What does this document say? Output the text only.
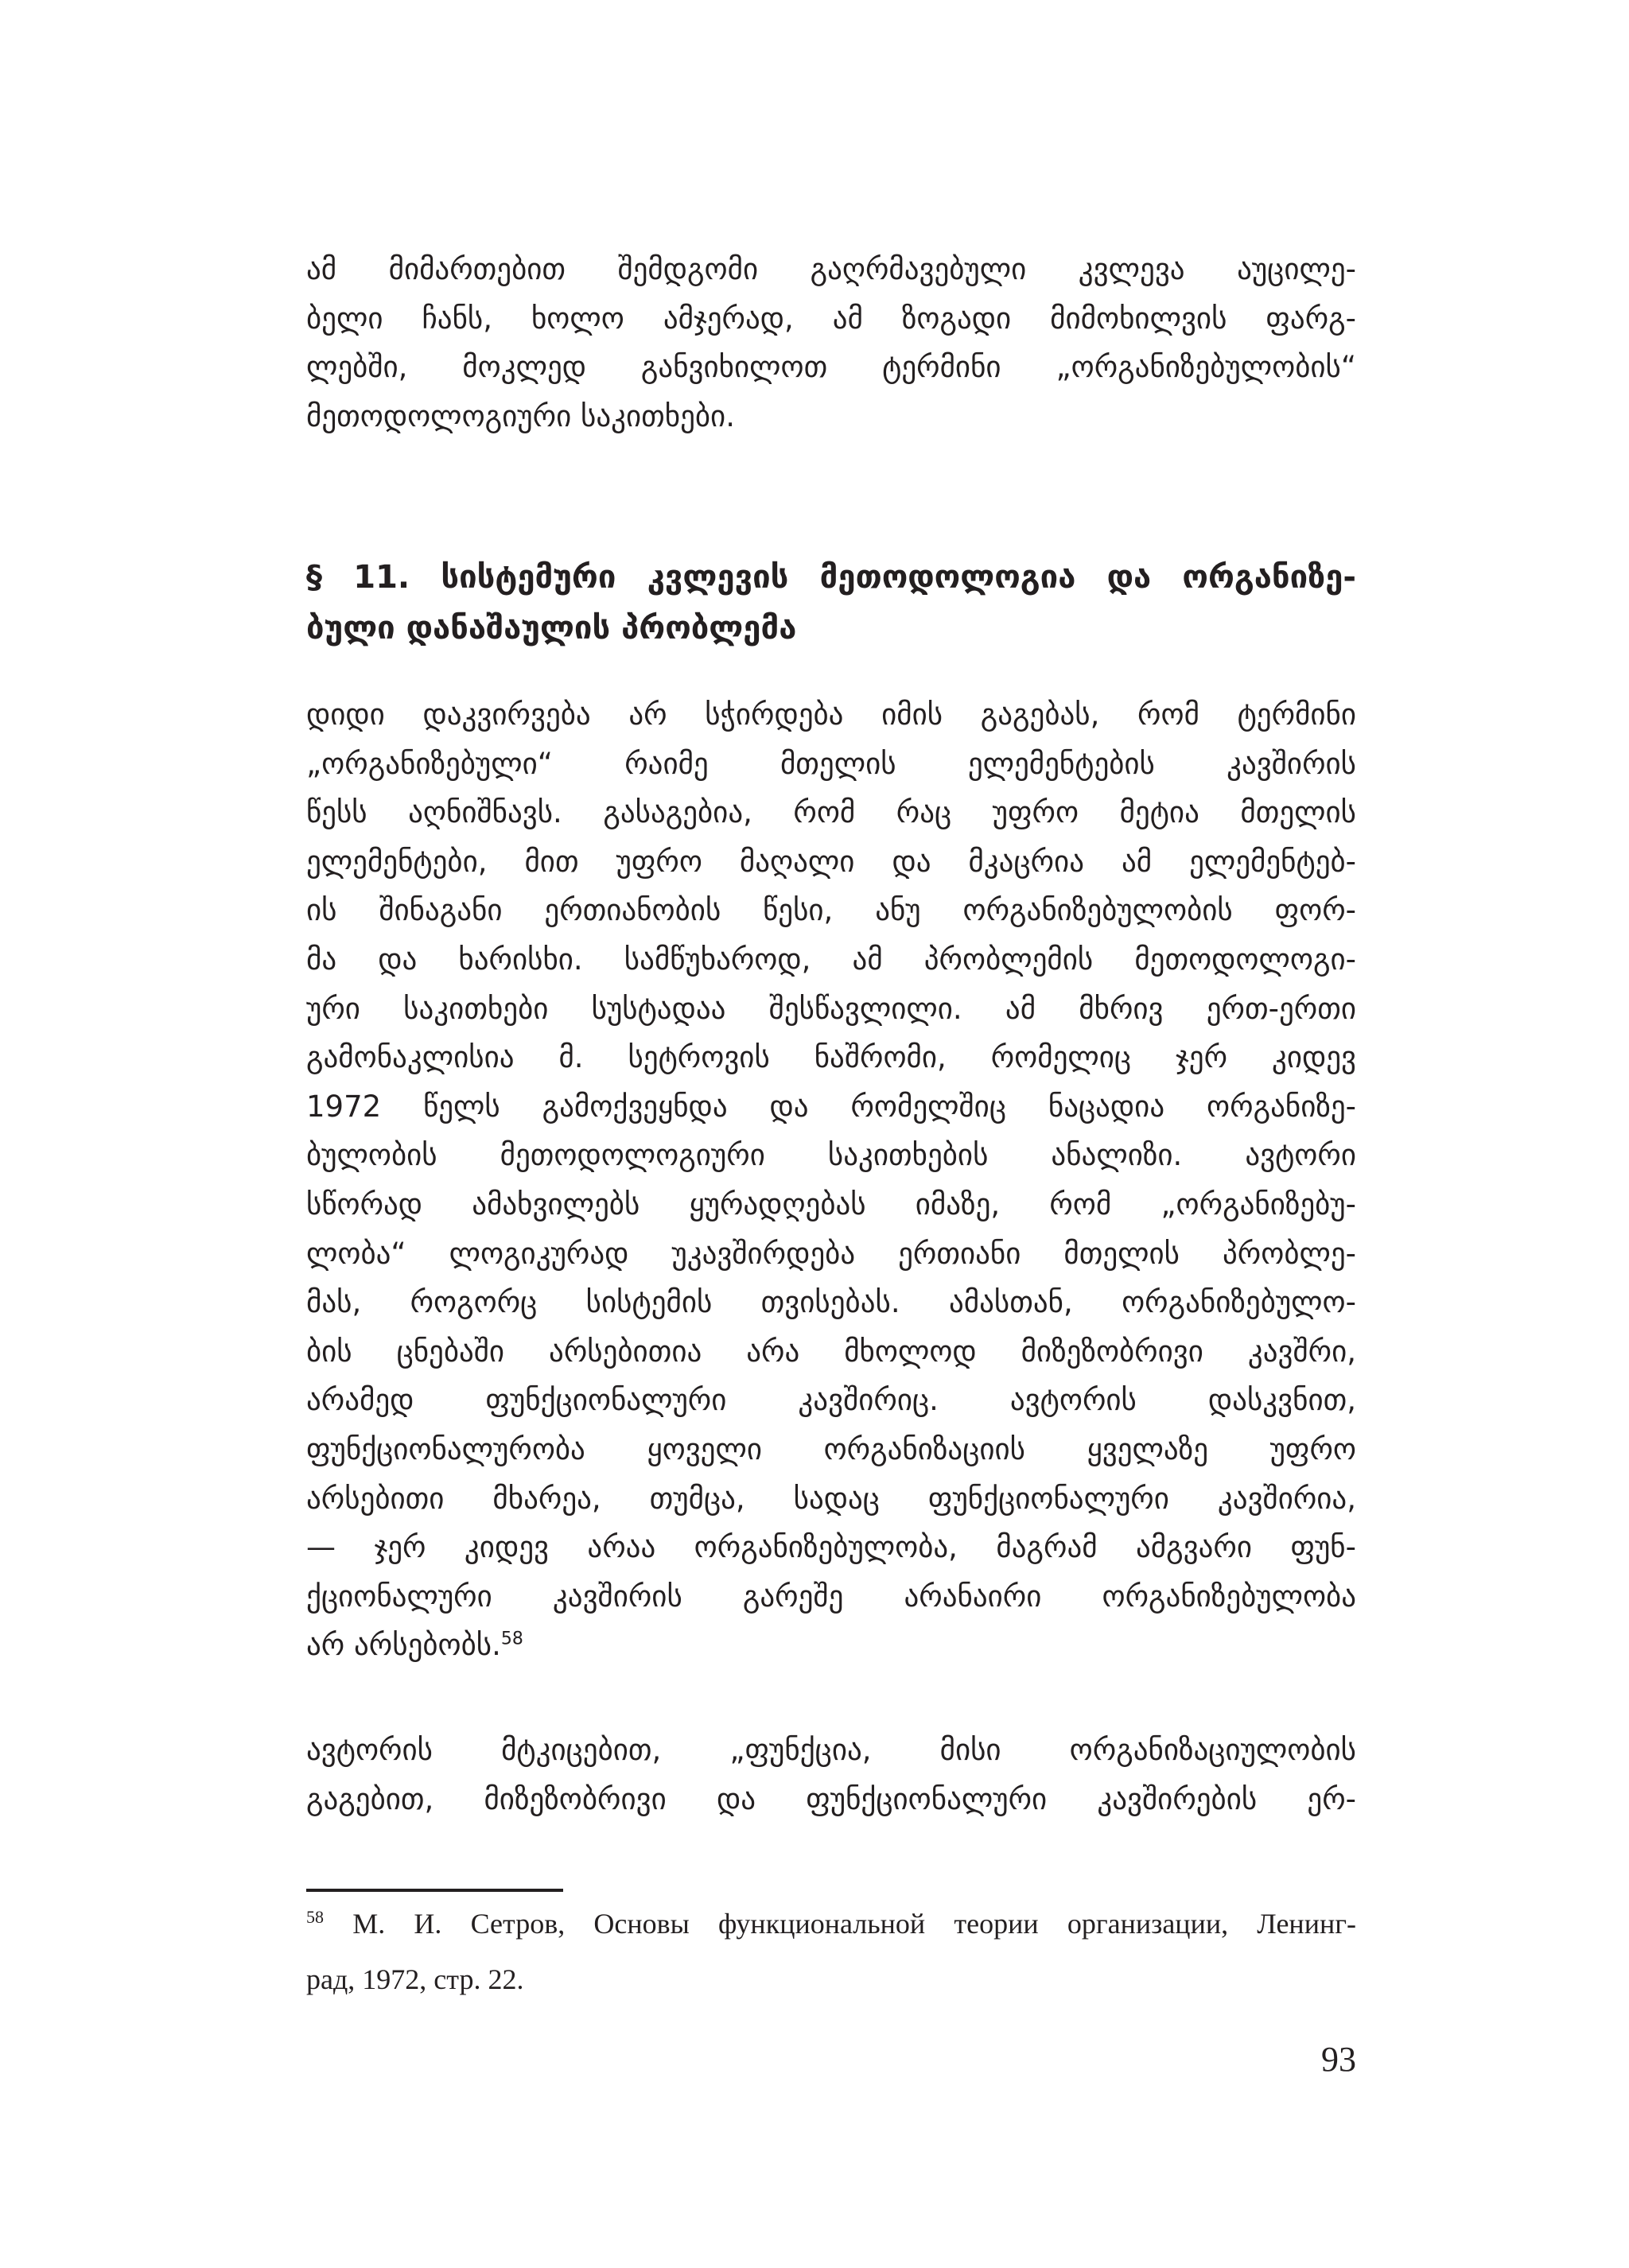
ამ მიმართებით შემდგომი გაღრმავებული კვლევა აუცილე-
ბელი ჩანს, ხოლო ამჯერად, ამ ზოგადი მიმოხილვის ფარგ-
ლებში, მოკლედ განვიხილოთ ტერმინი „ორგანიზებულობის“
მეთოდოლოგიური საკითხები.
§ 11. სისტემური კვლევის მეთოდოლოგია და ორგანიზე-
ბული დანაშაულის პრობლემა
დიდი დაკვირვება არ სჭირდება იმის გაგებას, რომ ტერმინი
„ორგანიზებული“ რაიმე მთელის ელემენტების კავშირის
წესს აღნიშნავს. გასაგებია, რომ რაც უფრო მეტია მთელის
ელემენტები, მით უფრო მაღალი და მკაცრია ამ ელემენტებ-
ის შინაგანი ერთიანობის წესი, ანუ ორგანიზებულობის ფორ-
მა და ხარისხი. სამწუხაროდ, ამ პრობლემის მეთოდოლოგი-
ური საკითხები სუსტადაა შესწავლილი. ამ მხრივ ერთ-ერთი
გამონაკლისია მ. სეტროვის ნაშრომი, რომელიც ჯერ კიდევ
1972 წელს გამოქვეყნდა და რომელშიც ნაცადია ორგანიზე-
ბულობის მეთოდოლოგიური საკითხების ანალიზი. ავტორი
სწორად ამახვილებს ყურადღებას იმაზე, რომ „ორგანიზებუ-
ლობა“ ლოგიკურად უკავშირდება ერთიანი მთელის პრობლე-
მას, როგორც სისტემის თვისებას. ამასთან, ორგანიზებულო-
ბის ცნებაში არსებითია არა მხოლოდ მიზეზობრივი კავშრი,
არამედ ფუნქციონალური კავშირიც. ავტორის დასკვნით,
ფუნქციონალურობა ყოველი ორგანიზაციის ყველაზე უფრო
არსებითი მხარეა, თუმცა, სადაც ფუნქციონალური კავშირია,
— ჯერ კიდევ არაა ორგანიზებულობა, მაგრამ ამგვარი ფუნ-
ქციონალური კავშირის გარეშე არანაირი ორგანიზებულობა
არ არსებობს.$^{58}$
ავტორის მტკიცებით, „ფუნქცია, მისი ორგანიზაციულობის
გაგებით, მიზეზობრივი და ფუნქციონალური კავშირების ერ-
$^{58}$ М. И. Сетров, Основы функциональной теории организации, Ленинг-
рад, 1972, стр. 22.
93
